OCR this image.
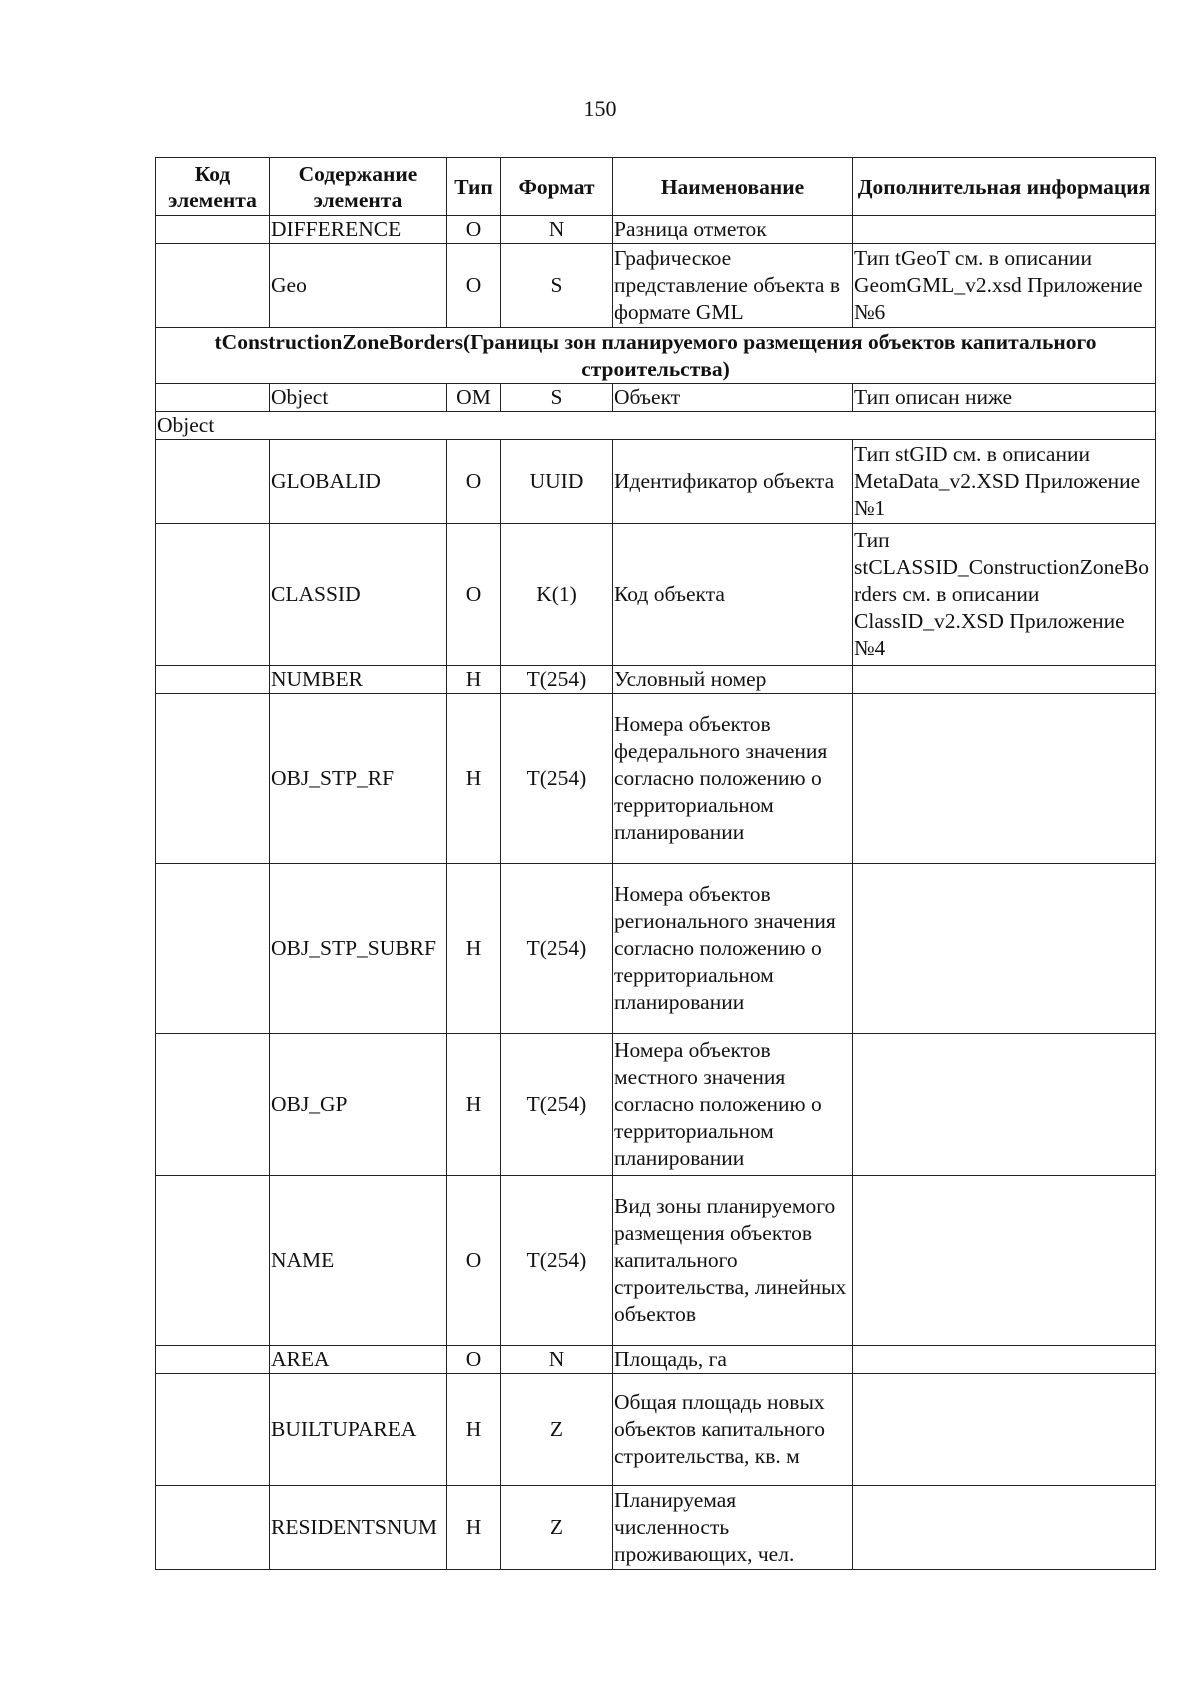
150
Код элемента	Содержание элемента	Тип	Формат	Наименование	Дополнительная информация
	DIFFERENCE	O	N	Разница отметок	
	Geo	O	S	Графическое представление объекта в формате GML	Тип tGeoT см. в описании GeomGML_v2.xsd Приложение №6
tConstructionZoneBorders(Границы зон планируемого размещения объектов капитального строительства)					
	Object	OM	S	Объект	Тип описан ниже
Object					
	GLOBALID	O	UUID	Идентификатор объекта	Тип stGID см. в описании MetaData_v2.XSD Приложение №1
	CLASSID	O	K(1)	Код объекта	Тип stCLASSID_ConstructionZoneBorders см. в описании ClassID_v2.XSD Приложение №4
	NUMBER	H	T(254)	Условный номер	
	OBJ_STP_RF	H	T(254)	Номера объектов федерального значения согласно положению о территориальном планировании	
	OBJ_STP_SUBRF	H	T(254)	Номера объектов регионального значения согласно положению о территориальном планировании	
	OBJ_GP	H	T(254)	Номера объектов местного значения согласно положению о территориальном планировании	
	NAME	O	T(254)	Вид зоны планируемого размещения объектов капитального строительства, линейных объектов	
	AREA	O	N	Площадь, га	
	BUILTUPAREA	H	Z	Общая площадь новых объектов капитального строительства, кв. м	
	RESIDENTSNUM	H	Z	Планируемая численность проживающих, чел.	
